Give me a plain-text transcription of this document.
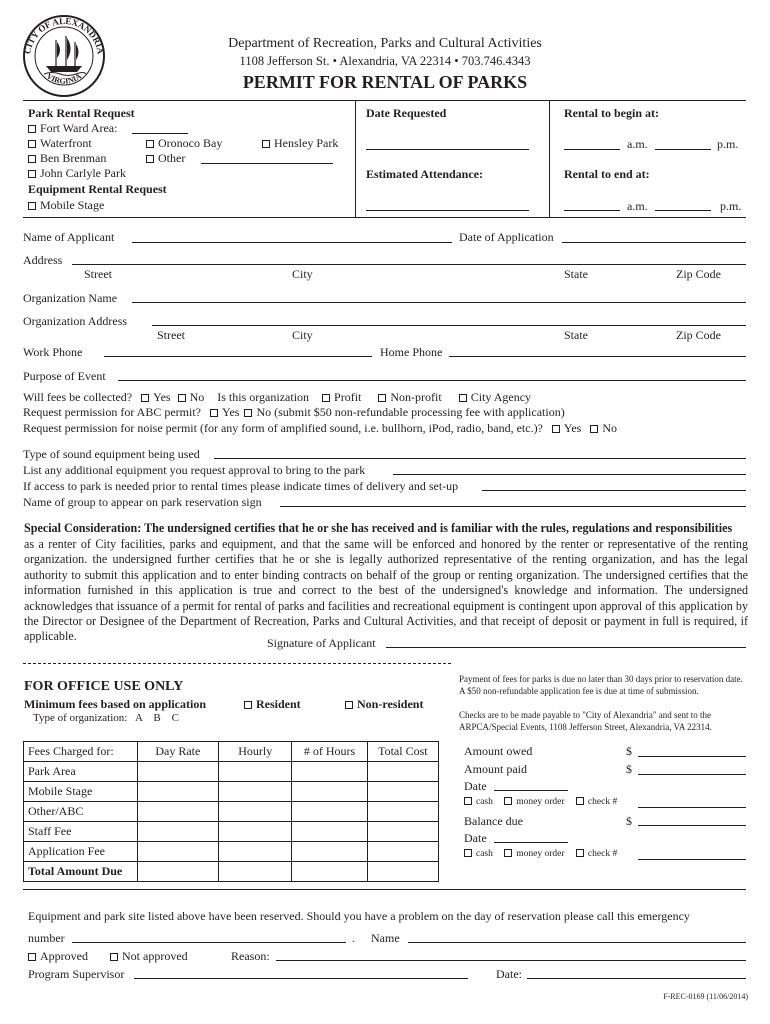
CITY OF ALEXANDRIA
VIRGINIA
Department of Recreation, Parks and Cultural Activities
1108 Jefferson St. • Alexandria, VA 22314 • 703.746.4343
PERMIT FOR RENTAL OF PARKS
Park Rental Request
Fort Ward Area:
Waterfront	Oronoco Bay	Hensley Park
Ben Brenman	Other
John Carlyle Park
Equipment Rental Request
Mobile Stage
Date Requested
Estimated Attendance:
Rental to begin at:
a.m.	p.m.
Rental to end at:
a.m.	p.m.
Name of Applicant	Date of Application
Address
Street	City	State	Zip Code
Organization Name
Organization Address
Street	City	State	Zip Code
Work Phone	Home Phone
Purpose of Event
Will fees be collected? Yes No Is this organization Profit Non-profit City Agency
Request permission for ABC permit? Yes No (submit $50 non-refundable processing fee with application)
Request permission for noise permit (for any form of amplified sound, i.e. bullhorn, iPod, radio, band, etc.)? Yes No
Type of sound equipment being used
List any additional equipment you request approval to bring to the park
If access to park is needed prior to rental times please indicate times of delivery and set-up
Name of group to appear on park reservation sign
Special Consideration: The undersigned certifies that he or she has received and is familiar with the rules, regulations and responsibilities
as a renter of City facilities, parks and equipment, and that the same will be enforced and honored by the renter or representative of the renting organization. the undersigned further certifies that he or she is legally authorized representative of the renting organization, and has the legal authority to submit this application and to enter binding contracts on behalf of the group or renting organization. The undersigned certifies that the information furnished in this application is true and correct to the best of the undersigned's knowledge and information. The undersigned acknowledges that issuance of a permit for rental of parks and facilities and recreational equipment is contingent upon approval of this application by the Director or Designee of the Department of Recreation, Parks and Cultural Activities, and that receipt of deposit or payment in full is required, if applicable.	Signature of Applicant
FOR OFFICE USE ONLY
Minimum fees based on application	Resident	Non-resident
Type of organization:   A    B    C
Payment of fees for parks is due no later than 30 days prior to reservation date. A $50 non-refundable application fee is due at time of submission.
Checks are to be made payable to "City of Alexandria" and sent to the ARPCA/Special Events, 1108 Jefferson Street, Alexandria, VA 22314.
Fees Charged for:	Day Rate	Hourly	# of Hours	Total Cost
Park Area				
Mobile Stage				
Other/ABC				
Staff Fee				
Application Fee				
Total Amount Due				
Amount owed	$
Amount paid	$
Date
cash money order check #
Balance due	$
Date
cash money order check #
Equipment and park site listed above have been reserved. Should you have a problem on the day of reservation please call this emergency
number	. Name
Approved	Not approved	Reason:
Program Supervisor	Date:
F-REC-0169 (11/06/2014)
